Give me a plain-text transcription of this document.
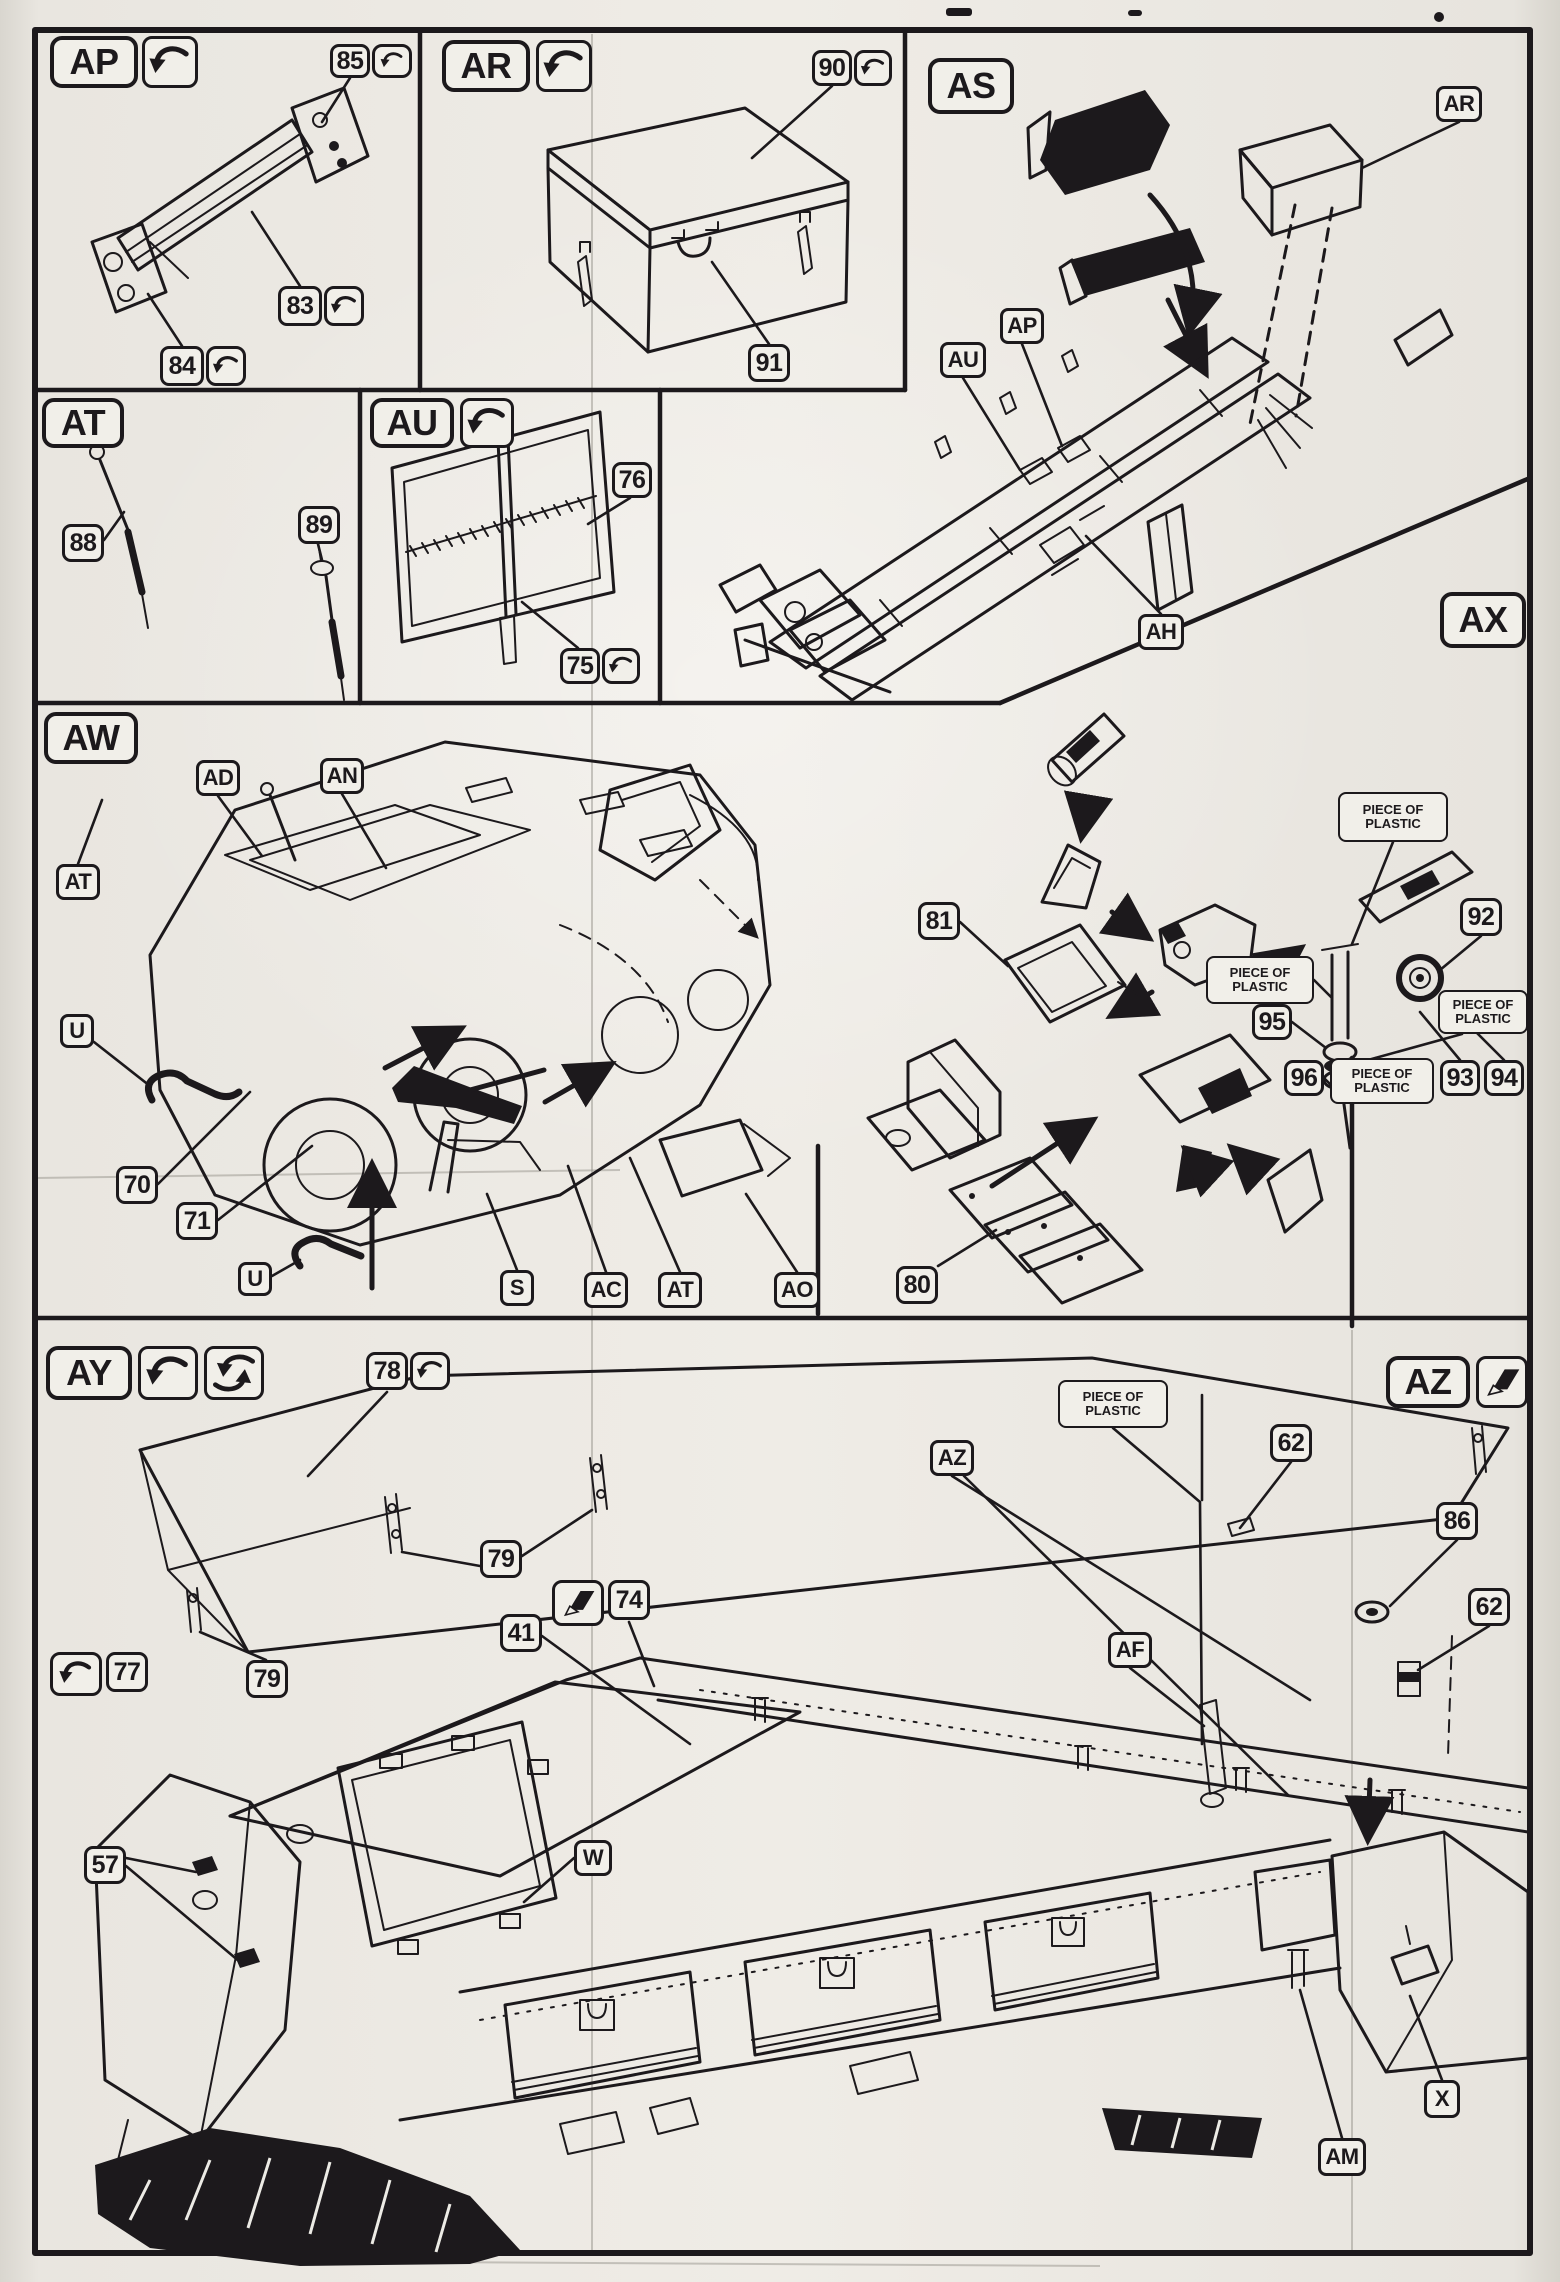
AP	85
83
84
AR	90
91
AS	AR
AP
AU
AH	AX
AT
88
89
AU
76
75
AW
AD	AN
AT
U
70
71
U	S	AC	AT	AO
81
PIECE OF PLASTIC
92
PIECE OF PLASTIC
PIECE OF PLASTIC
95
96	PIECE OF PLASTIC	93 94
80
AY	78
PIECE OF PLASTIC
AZ
62
AZ
86
62
79
41
74
77	79
AF
W
57
X
AM
